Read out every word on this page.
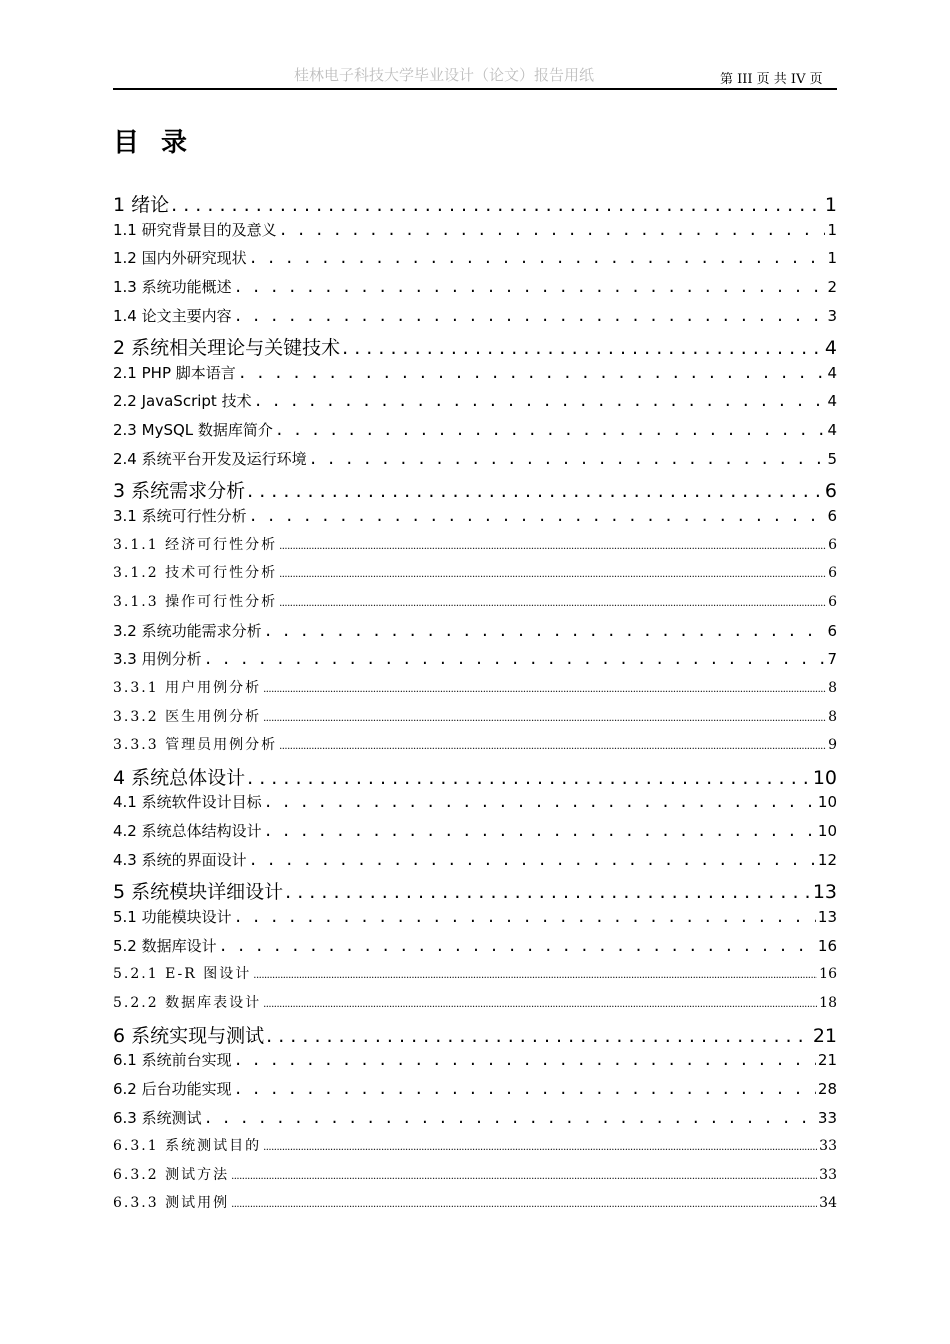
桂林电子科技大学毕业设计（论文）报告用纸	第 III 页 共 IV 页
目录
1 绪论 . . .	1
1.1 研究背景目的及意义 . . .	1
1.2 国内外研究现状 . . .	1
1.3 系统功能概述 . . .	2
1.4 论文主要内容 . . .	3
2 系统相关理论与关键技术 . . .	4
2.1 PHP 脚本语言 . . .	4
2.2 JavaScript 技术 . . .	4
2.3 MySQL 数据库简介 . . .	4
2.4 系统平台开发及运行环境 . . .	5
3 系统需求分析 . . .	6
3.1 系统可行性分析 . . .	6
3.1.1 经济可行性分析 .....	6
3.1.2 技术可行性分析 .....	6
3.1.3 操作可行性分析 .....	6
3.2 系统功能需求分析 . . .	6
3.3 用例分析 . . .	7
3.3.1 用户用例分析 .....	8
3.3.2 医生用例分析 .....	8
3.3.3 管理员用例分析 .....	9
4 系统总体设计 . . .	10
4.1 系统软件设计目标 . . .	10
4.2 系统总体结构设计 . . .	10
4.3 系统的界面设计 . . .	12
5 系统模块详细设计 . . .	13
5.1 功能模块设计 . . .	13
5.2 数据库设计 . . .	16
5.2.1 E-R 图设计 .....	16
5.2.2 数据库表设计 .....	18
6 系统实现与测试 . . .	21
6.1 系统前台实现 . . .	21
6.2 后台功能实现 . . .	28
6.3 系统测试 . . .	33
6.3.1 系统测试目的 .....	33
6.3.2 测试方法 .....	33
6.3.3 测试用例 .....	34
